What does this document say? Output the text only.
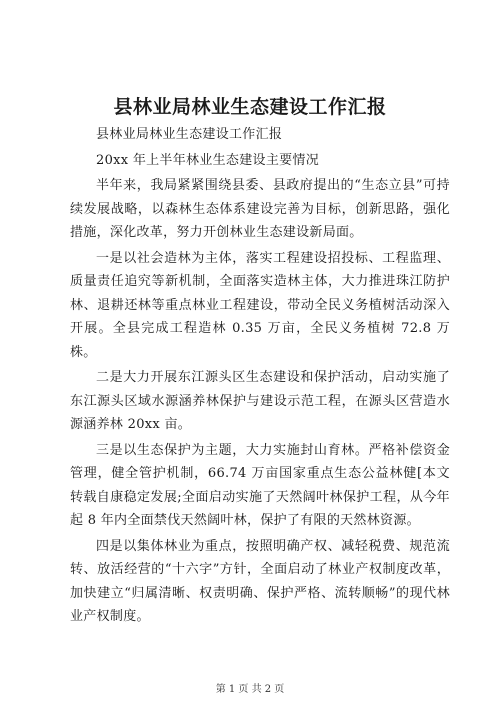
县林业局林业生态建设工作汇报

县林业局林业生态建设工作汇报

20xx 年上半年林业生态建设主要情况

半年来，我局紧紧围绕县委、县政府提出的“生态立县”可持续发展战略，以森林生态体系建设完善为目标，创新思路，强化措施，深化改革，努力开创林业生态建设新局面。

一是以社会造林为主体，落实工程建设招投标、工程监理、质量责任追究等新机制，全面落实造林主体，大力推进珠江防护林、退耕还林等重点林业工程建设，带动全民义务植树活动深入开展。全县完成工程造林 0.35 万亩，全民义务植树 72.8 万株。

二是大力开展东江源头区生态建设和保护活动，启动实施了东江源头区域水源涵养林保护与建设示范工程，在源头区营造水源涵养林 20xx 亩。

三是以生态保护为主题，大力实施封山育林。严格补偿资金管理，健全管护机制，66.74 万亩国家重点生态公益林健[本文转载自康稳定发展;全面启动实施了天然阔叶林保护工程，从今年起 8 年内全面禁伐天然阔叶林，保护了有限的天然林资源。

四是以集体林业为重点，按照明确产权、减轻税费、规范流转、放活经营的“十六字”方针，全面启动了林业产权制度改革，加快建立“归属清晰、权责明确、保护严格、流转顺畅”的现代林业产权制度。

第 1 页 共 2 页
